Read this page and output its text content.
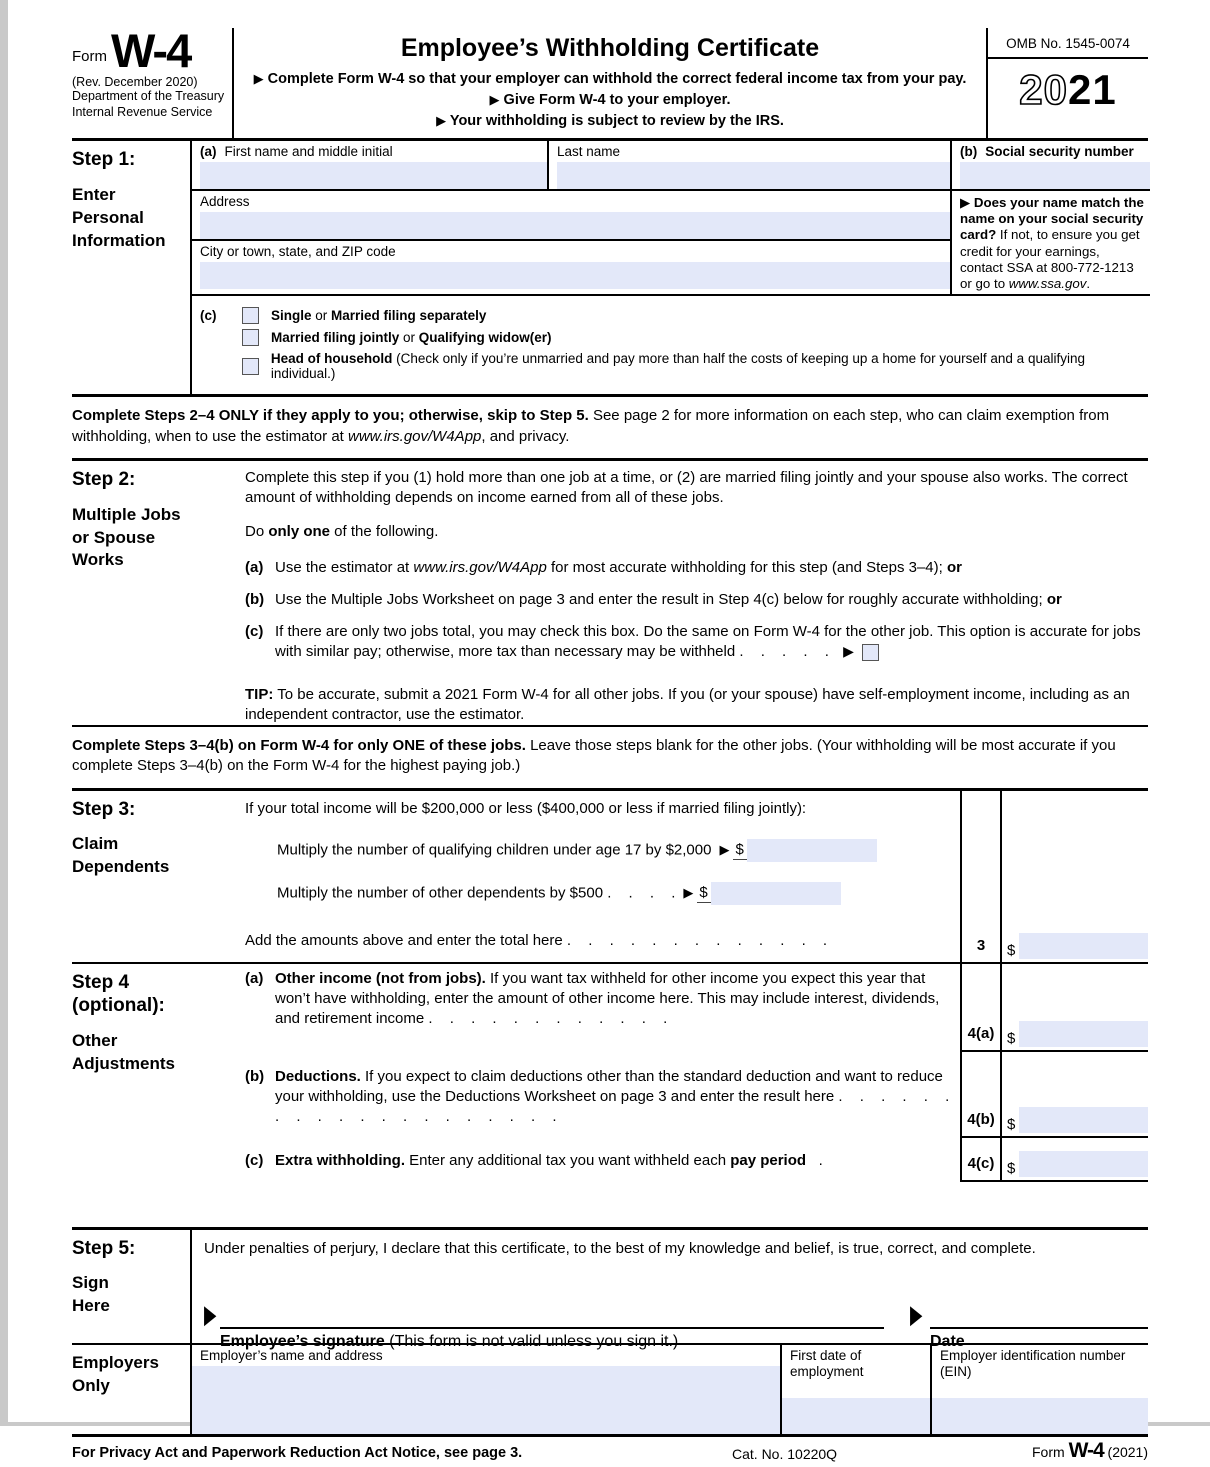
Form W-4
(Rev. December 2020)
Department of the Treasury
Internal Revenue Service
Employee’s Withholding Certificate
▶ Complete Form W-4 so that your employer can withhold the correct federal income tax from your pay.
▶ Give Form W-4 to your employer.
▶ Your withholding is subject to review by the IRS.
OMB No. 1545-0074
2021
Step 1:
Enter Personal Information
(a) First name and middle initial	Last name	(b) Social security number
Address
City or town, state, and ZIP code
▶ Does your name match the name on your social security card? If not, to ensure you get credit for your earnings, contact SSA at 800-772-1213 or go to www.ssa.gov.
(c)	Single or Married filing separately
Married filing jointly or Qualifying widow(er)
Head of household (Check only if you’re unmarried and pay more than half the costs of keeping up a home for yourself and a qualifying individual.)
Complete Steps 2–4 ONLY if they apply to you; otherwise, skip to Step 5. See page 2 for more information on each step, who can claim exemption from withholding, when to use the estimator at www.irs.gov/W4App, and privacy.
Step 2:
Multiple Jobs or Spouse Works
Complete this step if you (1) hold more than one job at a time, or (2) are married filing jointly and your spouse also works. The correct amount of withholding depends on income earned from all of these jobs.
Do only one of the following.
(a) Use the estimator at www.irs.gov/W4App for most accurate withholding for this step (and Steps 3–4); or
(b) Use the Multiple Jobs Worksheet on page 3 and enter the result in Step 4(c) below for roughly accurate withholding; or
(c) If there are only two jobs total, you may check this box. Do the same on Form W-4 for the other job. This option is accurate for jobs with similar pay; otherwise, more tax than necessary may be withheld . . . . . ▶
TIP: To be accurate, submit a 2021 Form W-4 for all other jobs. If you (or your spouse) have self-employment income, including as an independent contractor, use the estimator.
Complete Steps 3–4(b) on Form W-4 for only ONE of these jobs. Leave those steps blank for the other jobs. (Your withholding will be most accurate if you complete Steps 3–4(b) on the Form W-4 for the highest paying job.)
Step 3:
Claim Dependents
If your total income will be $200,000 or less ($400,000 or less if married filing jointly):
Multiply the number of qualifying children under age 17 by $2,000 ▶ $
Multiply the number of other dependents by $500 . . . . ▶ $
Add the amounts above and enter the total here . . . . . . . . . . . . .	3	$
Step 4
(optional):
Other Adjustments
(a) Other income (not from jobs). If you want tax withheld for other income you expect this year that won’t have withholding, enter the amount of other income here. This may include interest, dividends, and retirement income . . . . . . . . . . . .
(b) Deductions. If you expect to claim deductions other than the standard deduction and want to reduce your withholding, use the Deductions Worksheet on page 3 and enter the result here . . . . . . . . . . . . . . . . . . . .
(c) Extra withholding. Enter any additional tax you want withheld each pay period .
4(a) $
4(b) $
4(c) $
Step 5:
Sign Here
Under penalties of perjury, I declare that this certificate, to the best of my knowledge and belief, is true, correct, and complete.
▶
Employee’s signature (This form is not valid unless you sign it.)
▶
Date
Employers Only
Employer’s name and address	First date of employment
Employer identification number (EIN)
For Privacy Act and Paperwork Reduction Act Notice, see page 3.	Cat. No. 10220Q	Form W-4 (2021)
